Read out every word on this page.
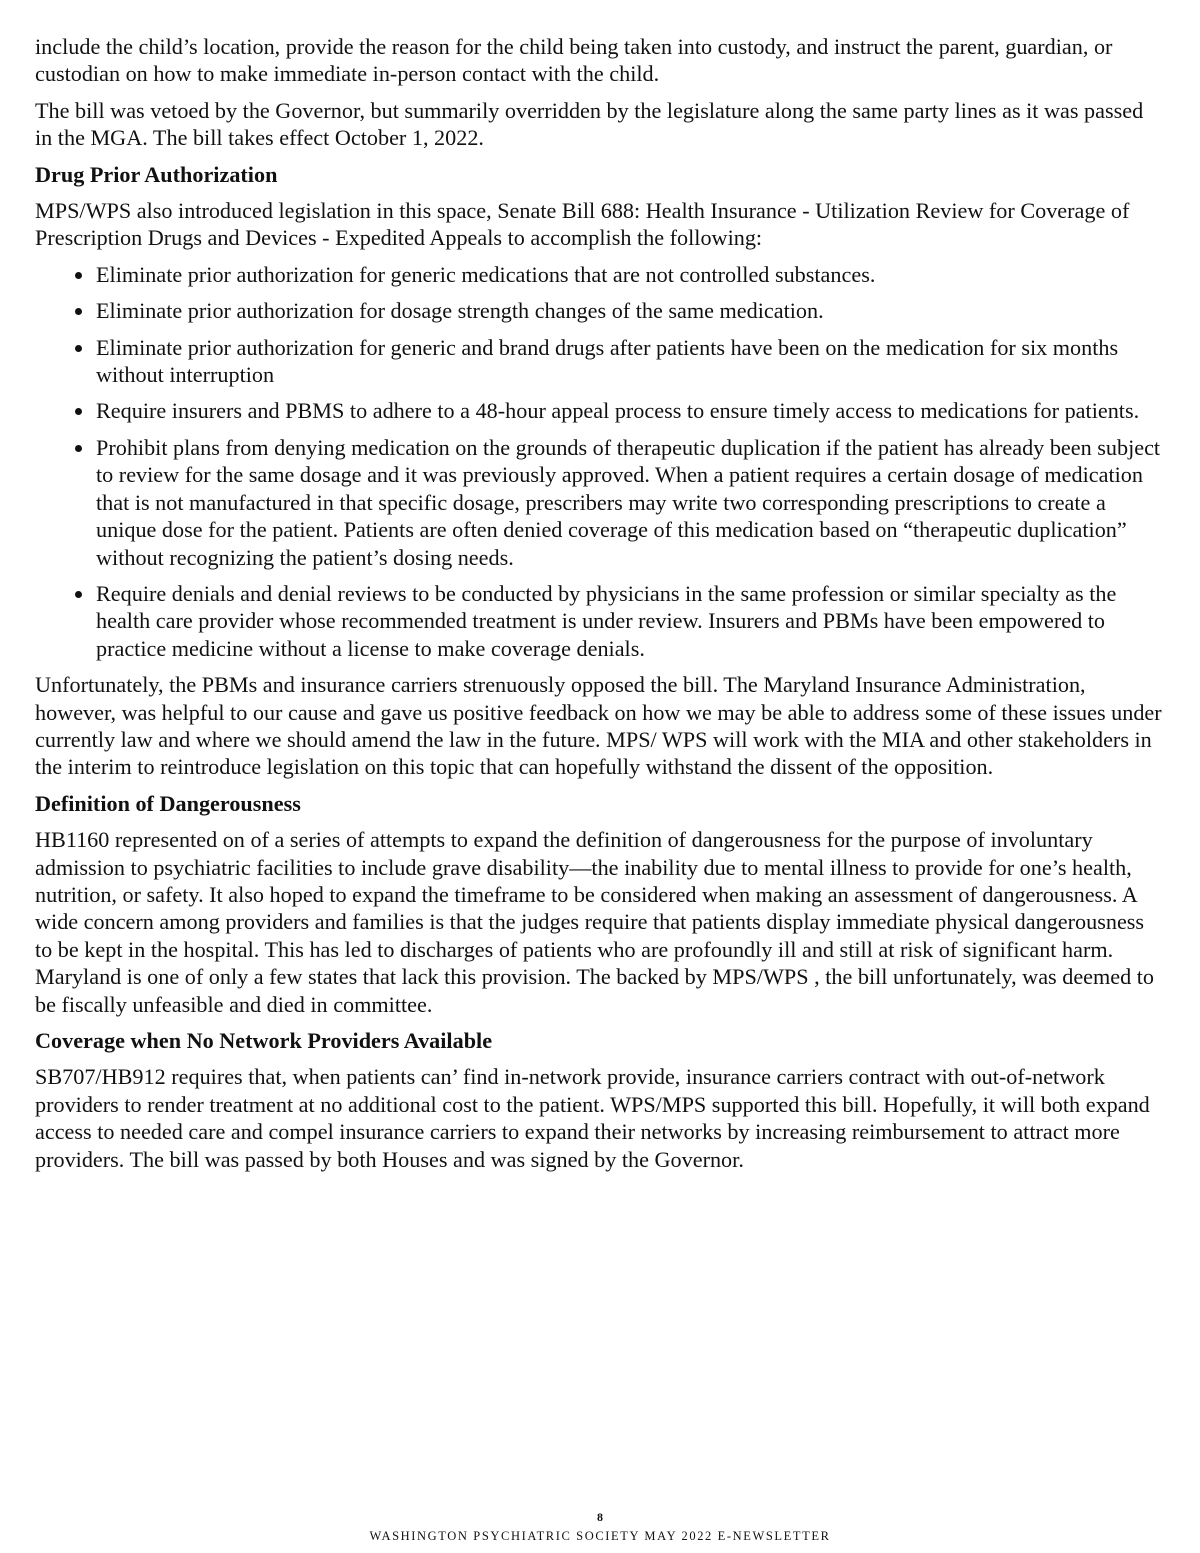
include the child’s location, provide the reason for the child being taken into custody, and instruct the parent, guardian, or custodian on how to make immediate in-person contact with the child.

The bill was vetoed by the Governor, but summarily overridden by the legislature along the same party lines as it was passed in the MGA. The bill takes effect October 1, 2022.

Drug Prior Authorization

MPS/WPS also introduced legislation in this space, Senate Bill 688: Health Insurance - Utilization Review for Coverage of Prescription Drugs and Devices - Expedited Appeals to accomplish the following:

Eliminate prior authorization for generic medications that are not controlled substances.
Eliminate prior authorization for dosage strength changes of the same medication.
Eliminate prior authorization for generic and brand drugs after patients have been on the medication for six months without interruption
Require insurers and PBMS to adhere to a 48-hour appeal process to ensure timely access to medications for patients.
Prohibit plans from denying medication on the grounds of therapeutic duplication if the patient has already been subject to review for the same dosage and it was previously approved. When a patient requires a certain dosage of medication that is not manufactured in that specific dosage, prescribers may write two corresponding prescriptions to create a unique dose for the patient. Patients are often denied coverage of this medication based on “therapeutic duplication” without recognizing the patient’s dosing needs.
Require denials and denial reviews to be conducted by physicians in the same profession or similar specialty as the health care provider whose recommended treatment is under review. Insurers and PBMs have been empowered to practice medicine without a license to make coverage denials.

Unfortunately, the PBMs and insurance carriers strenuously opposed the bill. The Maryland Insurance Administration, however, was helpful to our cause and gave us positive feedback on how we may be able to address some of these issues under currently law and where we should amend the law in the future. MPS/ WPS will work with the MIA and other stakeholders in the interim to reintroduce legislation on this topic that can hopefully withstand the dissent of the opposition.

Definition of Dangerousness

HB1160 represented on of a series of attempts to expand the definition of dangerousness for the purpose of involuntary admission to psychiatric facilities to include grave disability—the inability due to mental illness to provide for one’s health, nutrition, or safety. It also hoped to expand the timeframe to be considered when making an assessment of dangerousness. A wide concern among providers and families is that the judges require that patients display immediate physical dangerousness to be kept in the hospital. This has led to discharges of patients who are profoundly ill and still at risk of significant harm. Maryland is one of only a few states that lack this provision. The backed by MPS/WPS , the bill unfortunately, was deemed to be fiscally unfeasible and died in committee.

Coverage when No Network Providers Available

SB707/HB912 requires that, when patients can’ find in-network provide, insurance carriers contract with out-of-network providers to render treatment at no additional cost to the patient. WPS/MPS supported this bill. Hopefully, it will both expand access to needed care and compel insurance carriers to expand their networks by increasing reimbursement to attract more providers. The bill was passed by both Houses and was signed by the Governor.

8
WASHINGTON PSYCHIATRIC SOCIETY MAY 2022 E-NEWSLETTER
